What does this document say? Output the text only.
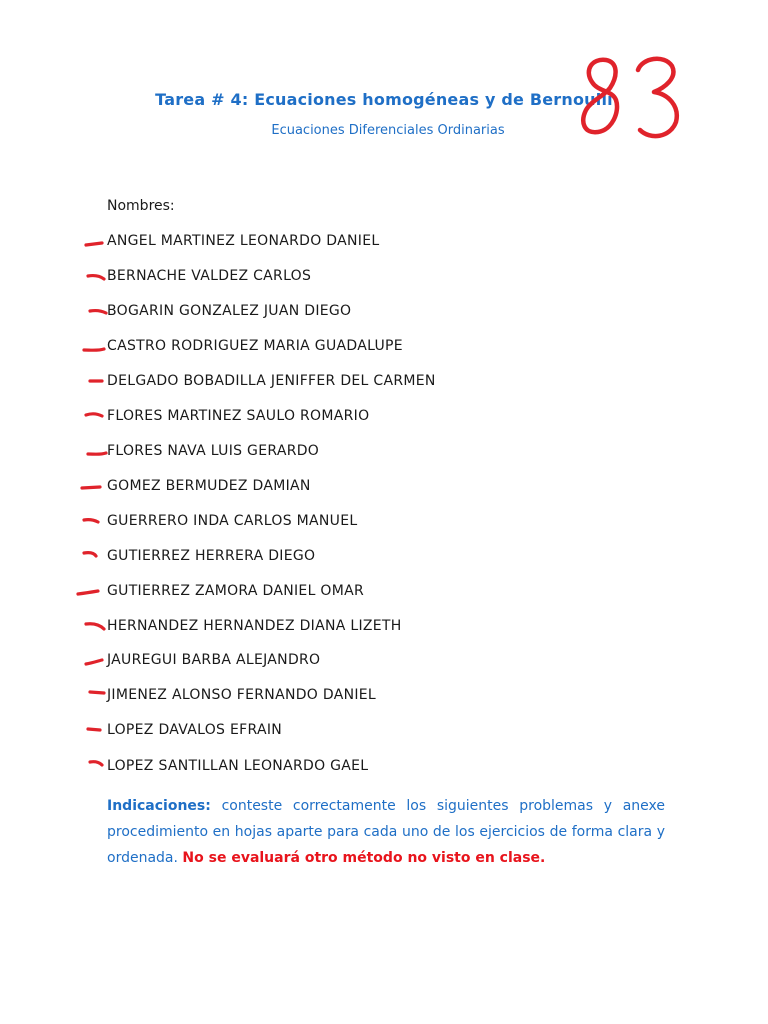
Tarea # 4: Ecuaciones homogéneas y de Bernoulli
Ecuaciones Diferenciales Ordinarias
Nombres:
ANGEL MARTINEZ LEONARDO DANIEL
BERNACHE VALDEZ CARLOS
BOGARIN GONZALEZ JUAN DIEGO
CASTRO RODRIGUEZ MARIA GUADALUPE
DELGADO BOBADILLA JENIFFER DEL CARMEN
FLORES MARTINEZ SAULO ROMARIO
FLORES NAVA LUIS GERARDO
GOMEZ BERMUDEZ DAMIAN
GUERRERO INDA CARLOS MANUEL
GUTIERREZ HERRERA DIEGO
GUTIERREZ ZAMORA DANIEL OMAR
HERNANDEZ HERNANDEZ DIANA LIZETH
JAUREGUI BARBA ALEJANDRO
JIMENEZ ALONSO FERNANDO DANIEL
LOPEZ DAVALOS EFRAIN
LOPEZ SANTILLAN LEONARDO GAEL
Indicaciones: conteste correctamente los siguientes problemas y anexe procedimiento en hojas aparte para cada uno de los ejercicios de forma clara y ordenada. No se evaluará otro método no visto en clase.
